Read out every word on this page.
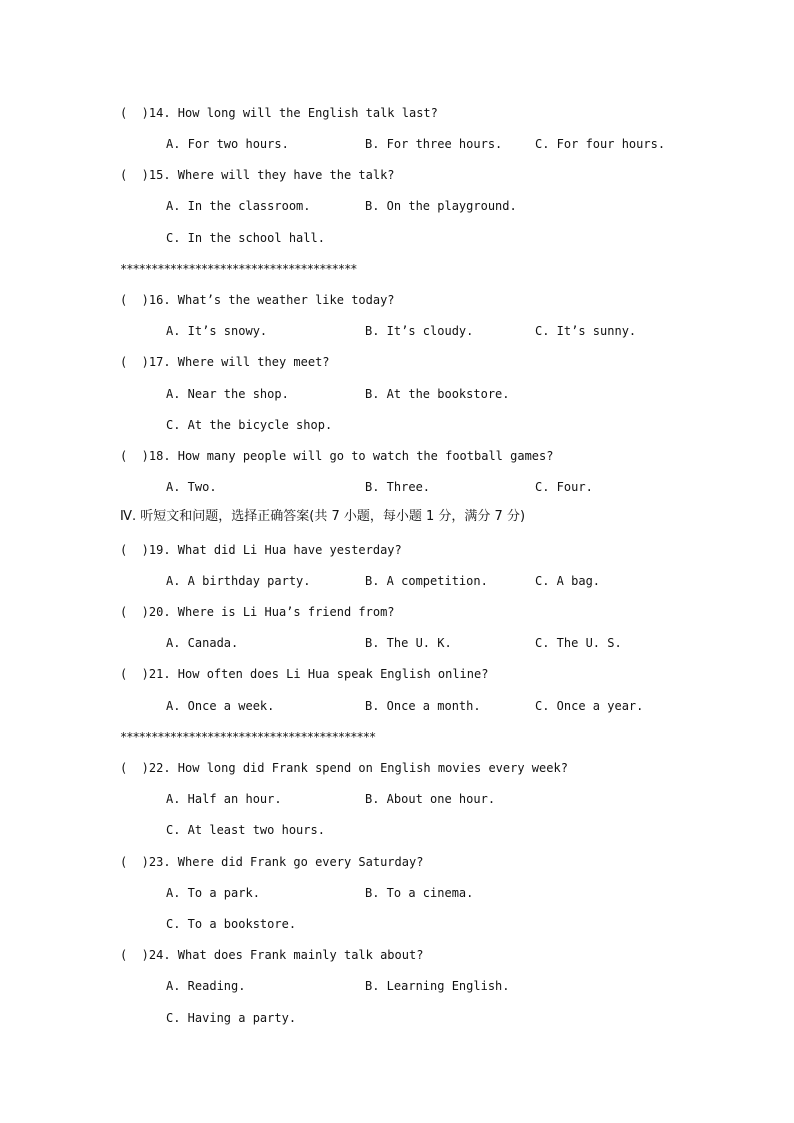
(  )14. How long will the English talk last?
A. For two hours.	B. For three hours.	C. For four hours.
(  )15. Where will they have the talk?
A. In the classroom.	B. On the playground.
C. In the school hall.
**************************************
(  )16. What’s the weather like today?
A. It’s snowy.	B. It’s cloudy.	C. It’s sunny.
(  )17. Where will they meet?
A. Near the shop.	B. At the bookstore.
C. At the bicycle shop.
(  )18. How many people will go to watch the football games?
A. Two.	B. Three.	C. Four.
Ⅳ. 听短文和问题，选择正确答案(共 7 小题，每小题 1 分，满分 7 分)
(  )19. What did Li Hua have yesterday?
A. A birthday party.	B. A competition.	C. A bag.
(  )20. Where is Li Hua’s friend from?
A. Canada.	B. The U. K.	C. The U. S.
(  )21. How often does Li Hua speak English online?
A. Once a week.	B. Once a month.	C. Once a year.
*****************************************
(  )22. How long did Frank spend on English movies every week?
A. Half an hour.	B. About one hour.
C. At least two hours.
(  )23. Where did Frank go every Saturday?
A. To a park.	B. To a cinema.
C. To a bookstore.
(  )24. What does Frank mainly talk about?
A. Reading.	B. Learning English.
C. Having a party.
